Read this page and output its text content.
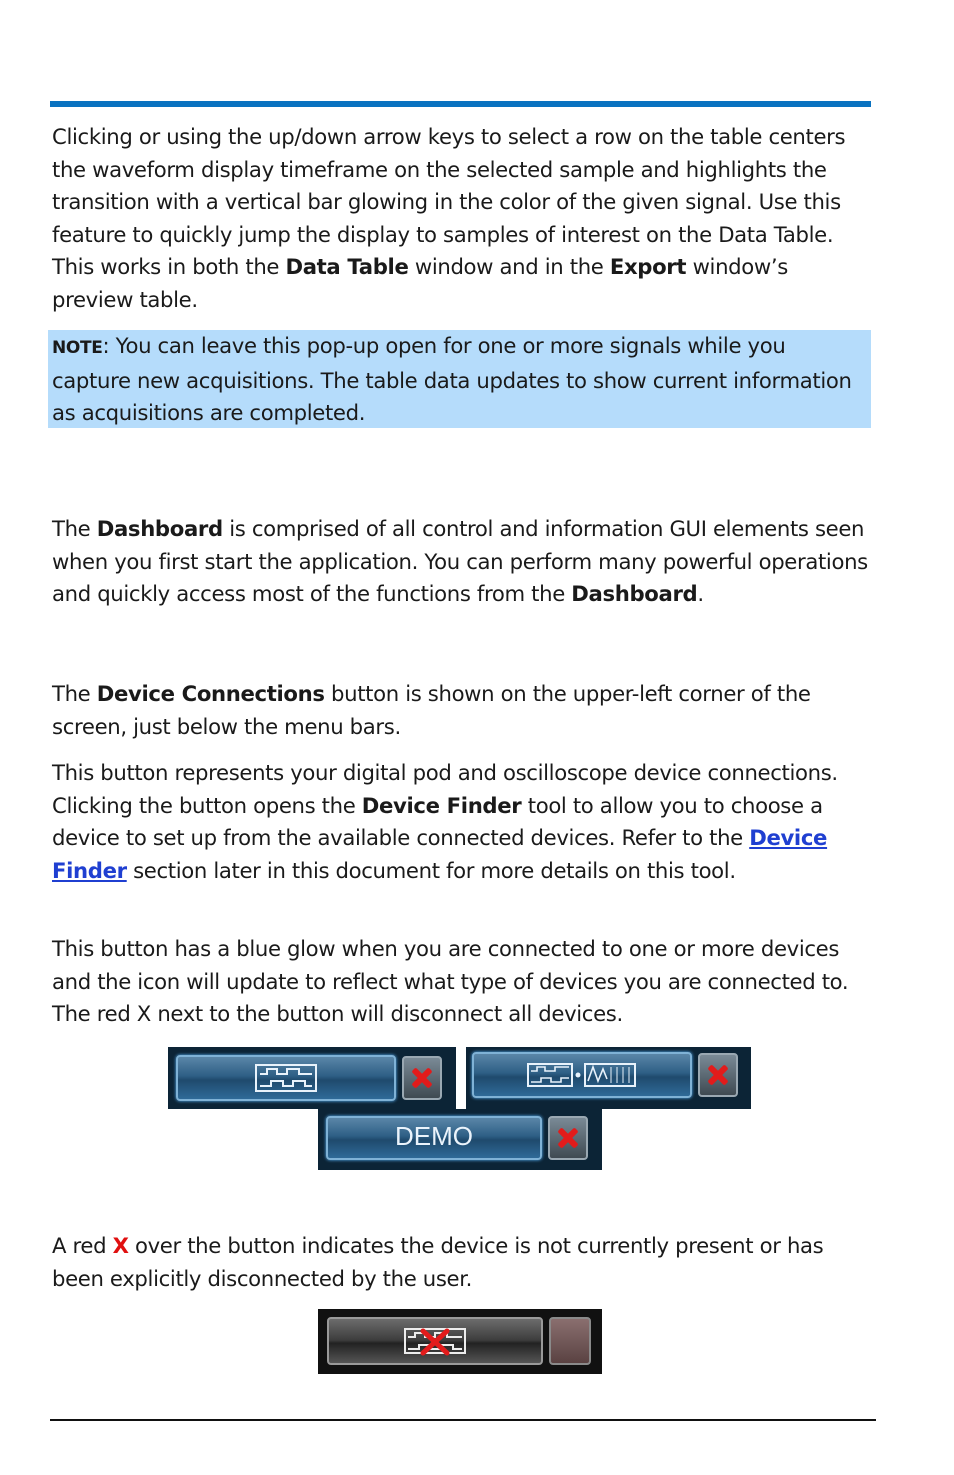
Clicking or using the up/down arrow keys to select a row on the table centers the waveform display timeframe on the selected sample and highlights the transition with a vertical bar glowing in the color of the given signal. Use this feature to quickly jump the display to samples of interest on the Data Table. This works in both the Data Table window and in the Export window’s preview table.

NOTE: You can leave this pop-up open for one or more signals while you capture new acquisitions. The table data updates to show current information as acquisitions are completed.

The Dashboard is comprised of all control and information GUI elements seen when you first start the application. You can perform many powerful operations and quickly access most of the functions from the Dashboard.

The Device Connections button is shown on the upper-left corner of the screen, just below the menu bars.

This button represents your digital pod and oscilloscope device connections. Clicking the button opens the Device Finder tool to allow you to choose a device to set up from the available connected devices. Refer to the Device Finder section later in this document for more details on this tool.

This button has a blue glow when you are connected to one or more devices and the icon will update to reflect what type of devices you are connected to. The red X next to the button will disconnect all devices.

DEMO

A red X over the button indicates the device is not currently present or has been explicitly disconnected by the user.
